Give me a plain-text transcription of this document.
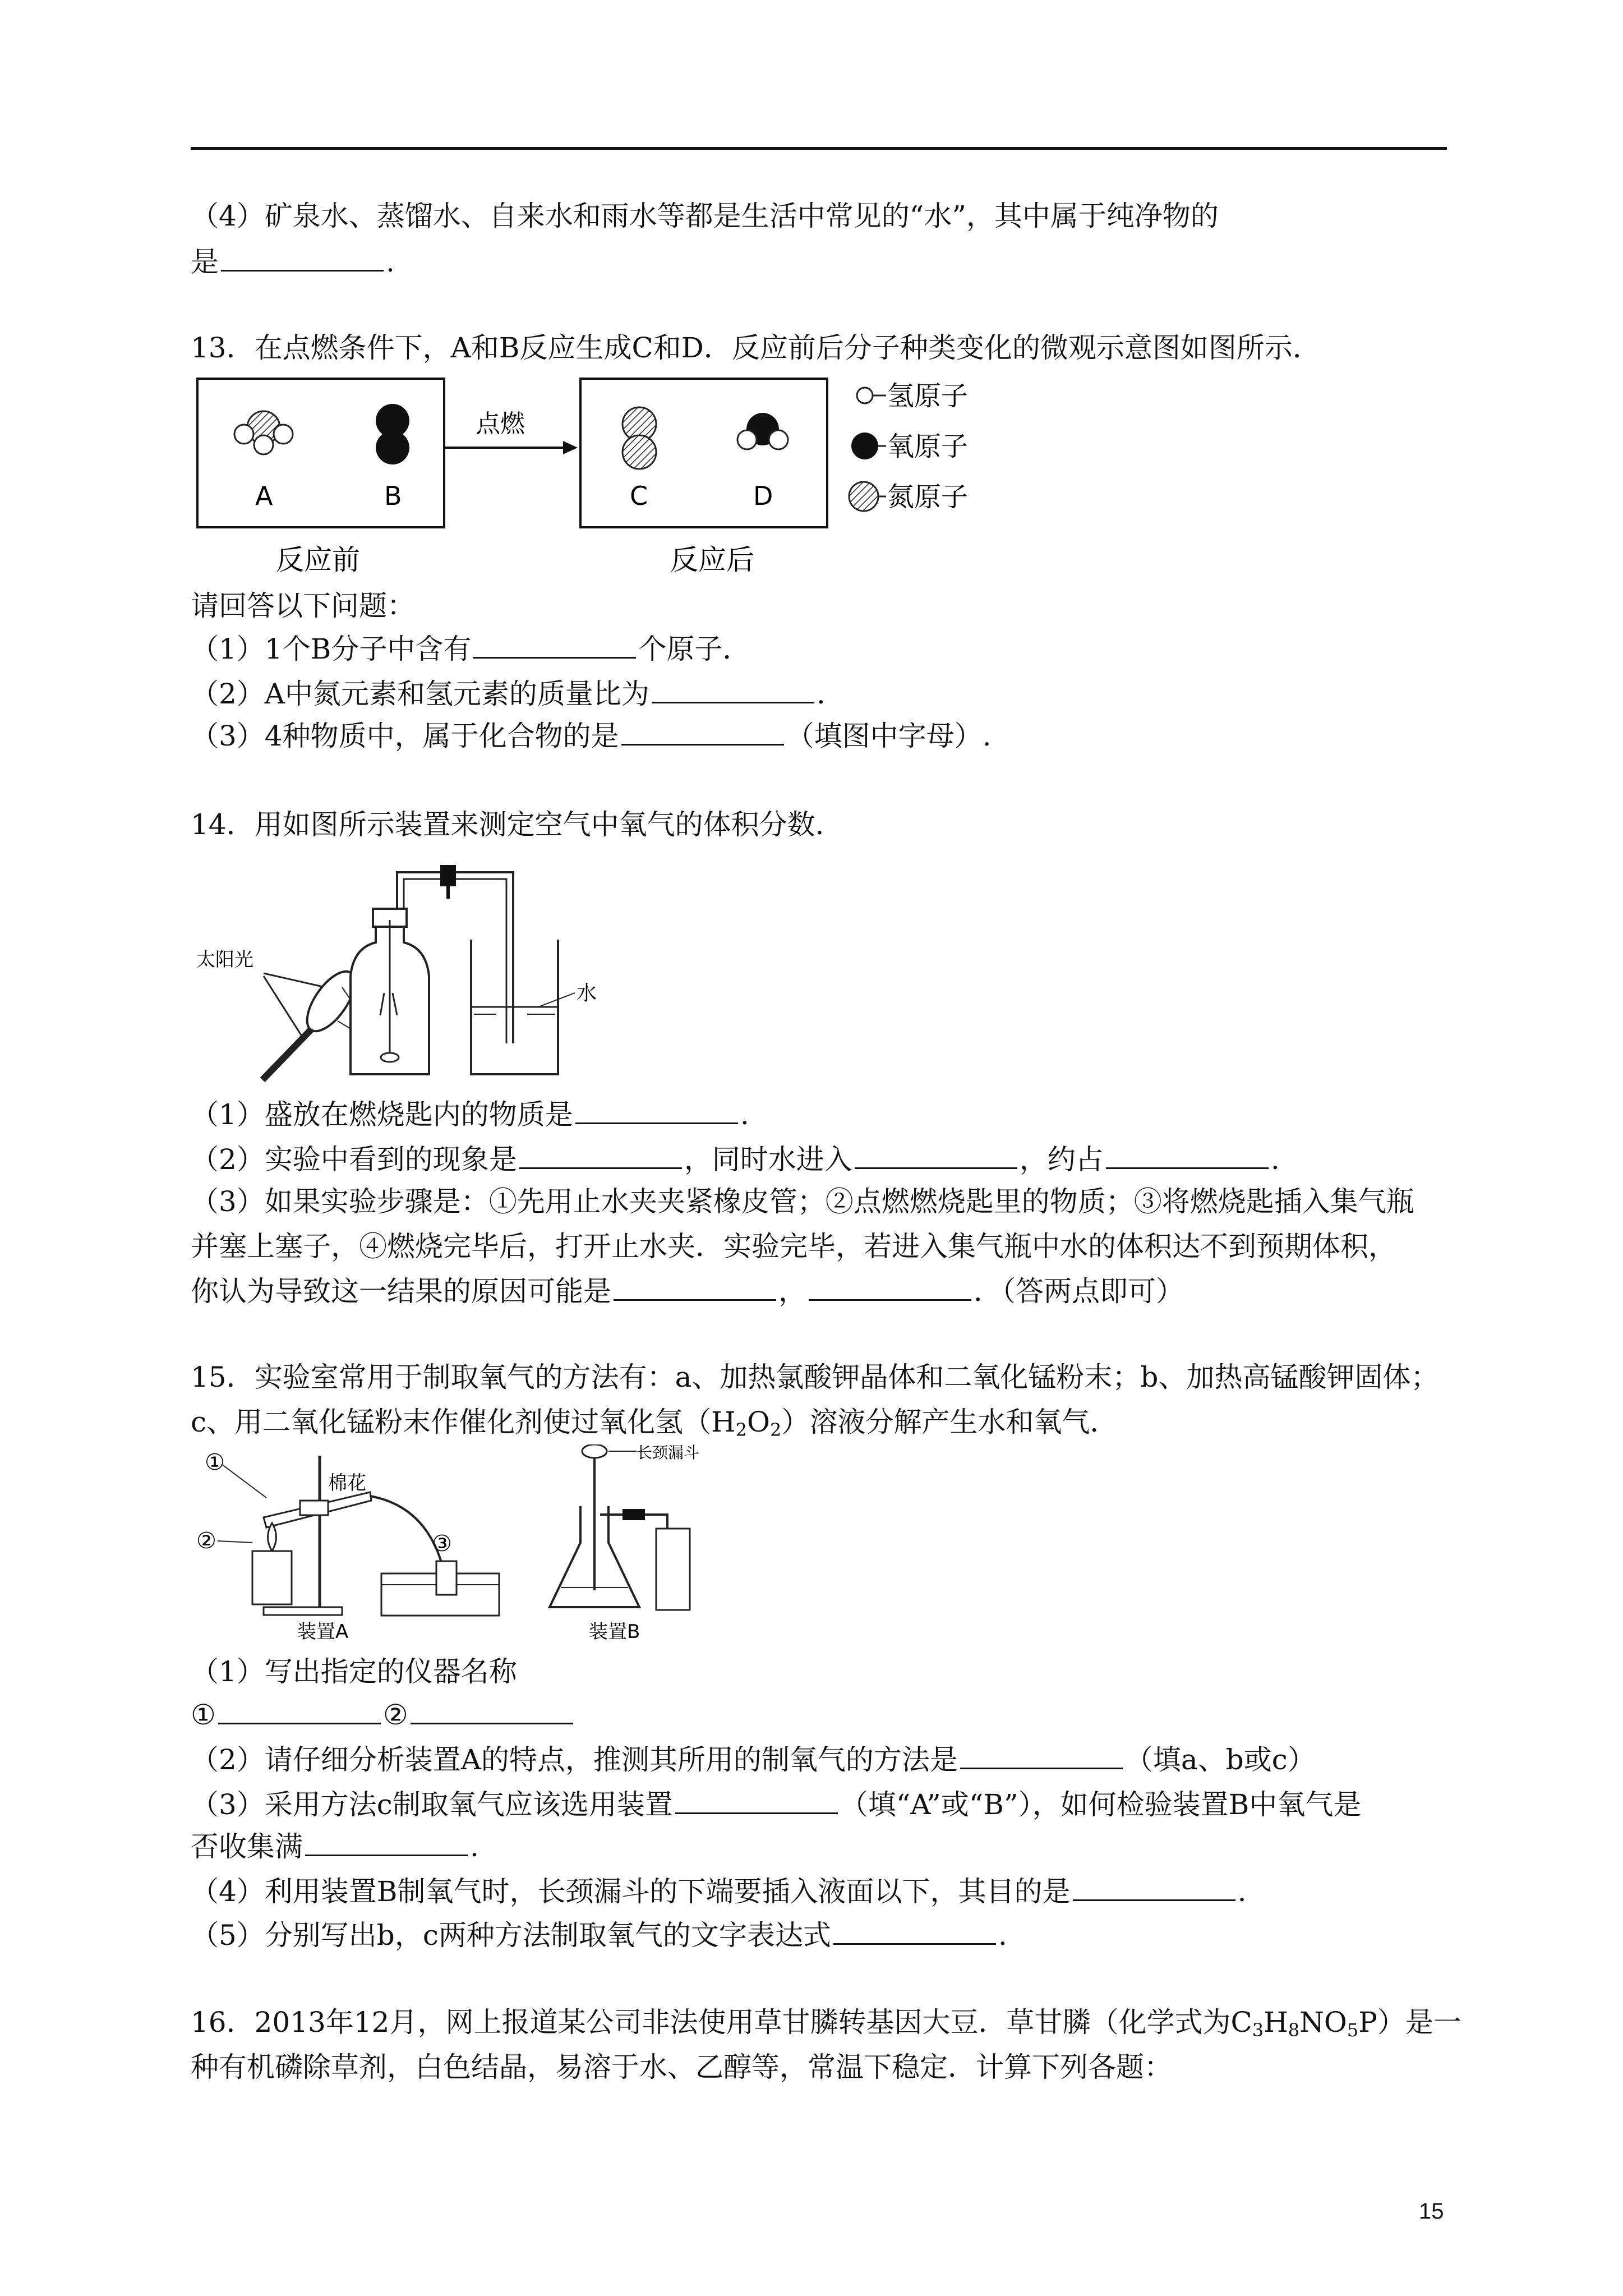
（4）矿泉水、蒸馏水、自来水和雨水等都是生活中常见的“水”，其中属于纯净物的
是	.
13．在点燃条件下，A和B反应生成C和D．反应前后分子种类变化的微观示意图如图所示．
A	B
点燃
C	D
反应前	反应后
氢原子
氧原子
氮原子
请回答以下问题：
（1）1个B分子中含有	个原子．
（2）A中氮元素和氢元素的质量比为	.
（3）4种物质中，属于化合物的是	（填图中字母）.
14．用如图所示装置来测定空气中氧气的体积分数．
太阳光
水
（1）盛放在燃烧匙内的物质是	.
（2）实验中看到的现象是	，同时水进入	，约占	.
（3）如果实验步骤是：①先用止水夹夹紧橡皮管；②点燃燃烧匙里的物质；③将燃烧匙插入集气瓶
并塞上塞子，④燃烧完毕后，打开止水夹．实验完毕，若进入集气瓶中水的体积达不到预期体积，
你认为导致这一结果的原因可能是	，	．（答两点即可）
15．实验室常用于制取氧气的方法有：a、加热氯酸钾晶体和二氧化锰粉末；b、加热高锰酸钾固体；
c、用二氧化锰粉末作催化剂使过氧化氢$(H_2O_2)$溶液分解产生水和氧气．
①
②
棉花
③
装置A
长颈漏斗
装置B
（1）写出指定的仪器名称
①	②
（2）请仔细分析装置A的特点，推测其所用的制氧气的方法是	（填a、b或c）
（3）采用方法c制取氧气应该选用装置	（填“A”或“B”），如何检验装置B中氧气是
否收集满	.
（4）利用装置B制氧气时，长颈漏斗的下端要插入液面以下，其目的是	.
（5）分别写出b，c两种方法制取氧气的文字表达式	.
16．2013年12月，网上报道某公司非法使用草甘膦转基因大豆．草甘膦（化学式为$C_3H_8NO_5P$）是一
种有机磷除草剂，白色结晶，易溶于水、乙醇等，常温下稳定．计算下列各题：
15
